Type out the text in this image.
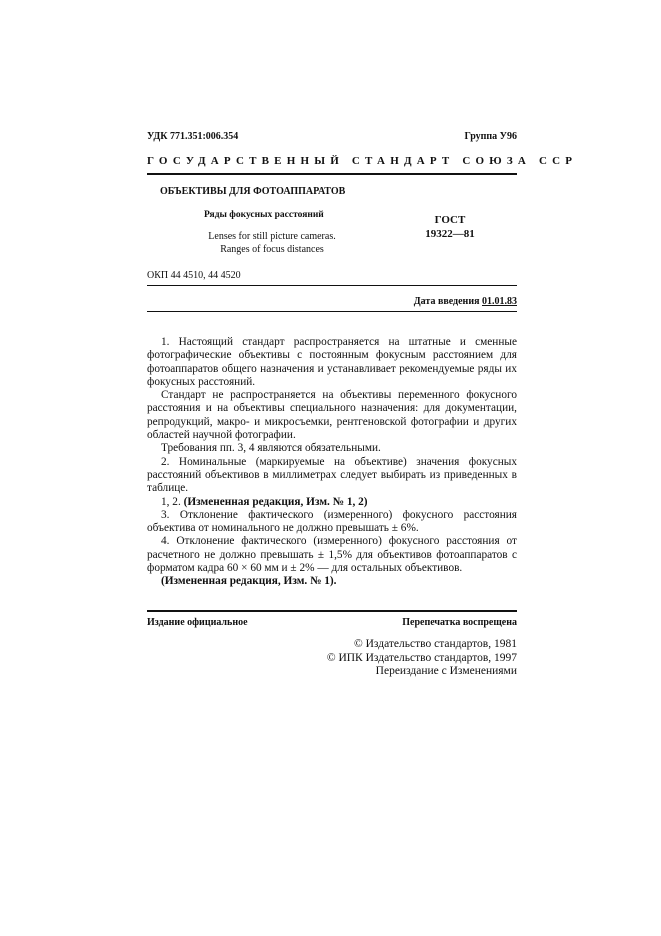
УДК 771.351:006.354	Группа У96
ГОСУДАРСТВЕННЫЙ СТАНДАРТ СОЮЗА ССР
ОБЪЕКТИВЫ ДЛЯ ФОТОАППАРАТОВ
Ряды фокусных расстояний
Lenses for still picture cameras.
Ranges of focus distances
ГОСТ
19322—81
ОКП 44 4510, 44 4520
Дата введения 01.01.83

1. Настоящий стандарт распространяется на штатные и сменные фотографические объективы с постоянным фокусным расстоянием для фотоаппаратов общего назначения и устанавливает рекомендуемые ряды их фокусных расстояний.

Стандарт не распространяется на объективы переменного фокусного расстояния и на объективы специального назначения: для документации, репродукций, макро- и микросъемки, рентгеновской фотографии и других областей научной фотографии.

Требования пп. 3, 4 являются обязательными.

2. Номинальные (маркируемые на объективе) значения фокусных расстояний объективов в миллиметрах следует выбирать из приведенных в таблице.

1, 2. (Измененная редакция, Изм. № 1, 2)

3. Отклонение фактического (измеренного) фокусного расстояния объектива от номинального не должно превышать ± 6%.

4. Отклонение фактического (измеренного) фокусного расстояния от расчетного не должно превышать ± 1,5% для объективов фотоаппаратов с форматом кадра 60 × 60 мм и ± 2% — для остальных объективов.

(Измененная редакция, Изм. № 1).

Издание официальное	Перепечатка воспрещена
© Издательство стандартов, 1981
© ИПК Издательство стандартов, 1997
Переиздание с Изменениями
